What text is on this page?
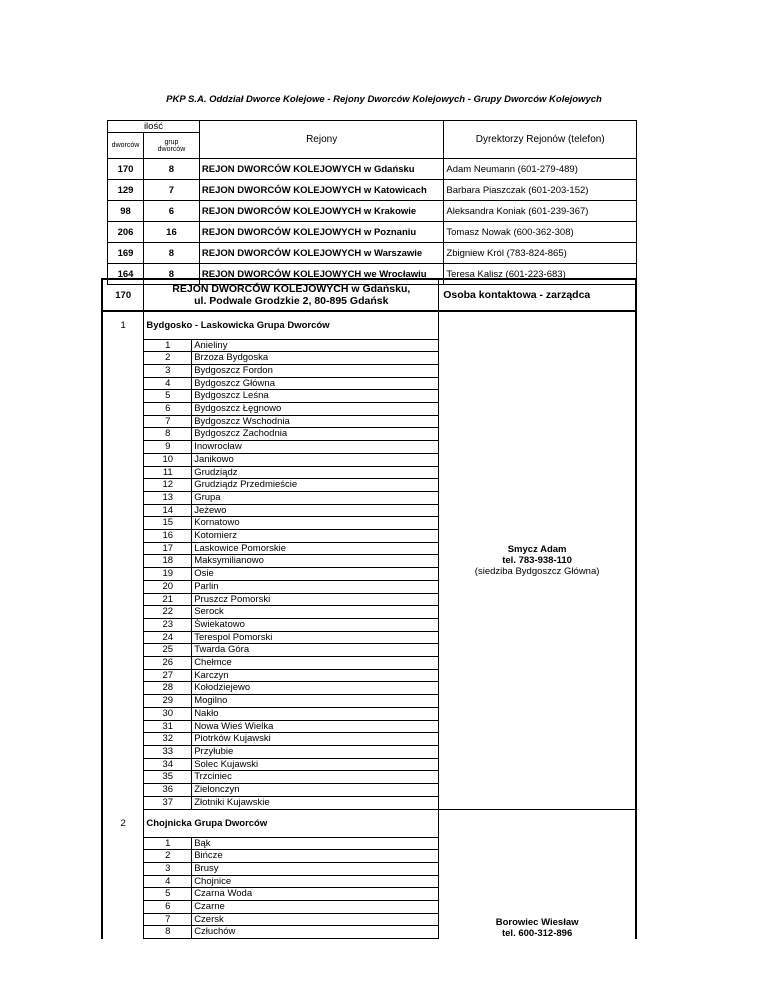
PKP S.A. Oddział Dworce Kolejowe - Rejony Dworców Kolejowych - Grupy Dworców Kolejowych
ilość		Rejony	Dyrektorzy Rejonów (telefon)
dworców	grup
dworców		
170	8	REJON DWORCÓW KOLEJOWYCH w Gdańsku	Adam Neumann (601-279-489)
129	7	REJON DWORCÓW KOLEJOWYCH w Katowicach	Barbara Piaszczak (601-203-152)
98	6	REJON DWORCÓW KOLEJOWYCH w Krakowie	Aleksandra Koniak (601-239-367)
206	16	REJON DWORCÓW KOLEJOWYCH w Poznaniu	Tomasz Nowak (600-362-308)
169	8	REJON DWORCÓW KOLEJOWYCH w Warszawie	Zbigniew Król (783-824-865)
164	8	REJON DWORCÓW KOLEJOWYCH we Wrocławiu	Teresa Kalisz (601-223-683)
170	REJON DWORCÓW KOLEJOWYCH w Gdańsku,
ul. Podwale Grodzkie 2, 80-895 Gdańsk		Osoba kontaktowa - zarządca
1	Bydgosko - Laskowicka Grupa Dworców		Smycz Adam
tel. 783-938-110
(siedziba Bydgoszcz Główna)

	1	Anieliny	
	2	Brzoza Bydgoska	
	3	Bydgoszcz Fordon	
	4	Bydgoszcz Główna	
	5	Bydgoszcz Leśna	
	6	Bydgoszcz Łęgnowo	
	7	Bydgoszcz Wschodnia	
	8	Bydgoszcz Zachodnia	
	9	Inowrocław	
	10	Janikowo	
	11	Grudziądz	
	12	Grudziądz Przedmieście	
	13	Grupa	
	14	Jeżewo	
	15	Kornatowo	
	16	Kotomierz	
	17	Laskowice Pomorskie	
	18	Maksymilianowo	
	19	Osie	
	20	Parlin	
	21	Pruszcz Pomorski	
	22	Serock	
	23	Świekatowo	
	24	Terespol Pomorski	
	25	Twarda Góra	
	26	Chełmce	
	27	Karczyn	
	28	Kołodziejewo	
	29	Mogilno	
	30	Nakło	
	31	Nowa Wieś Wielka	
	32	Piotrków Kujawski	
	33	Przyłubie	
	34	Solec Kujawski	
	35	Trzciniec	
	36	Zielonczyn	
	37	Złotniki Kujawskie	
2	Chojnicka Grupa Dworców		Borowiec Wiesław
tel. 600-312-896

	1	Bąk	
	2	Bińcze	
	3	Brusy	
	4	Chojnice	
	5	Czarna Woda	
	6	Czarne	
	7	Czersk	
	8	Człuchów	
